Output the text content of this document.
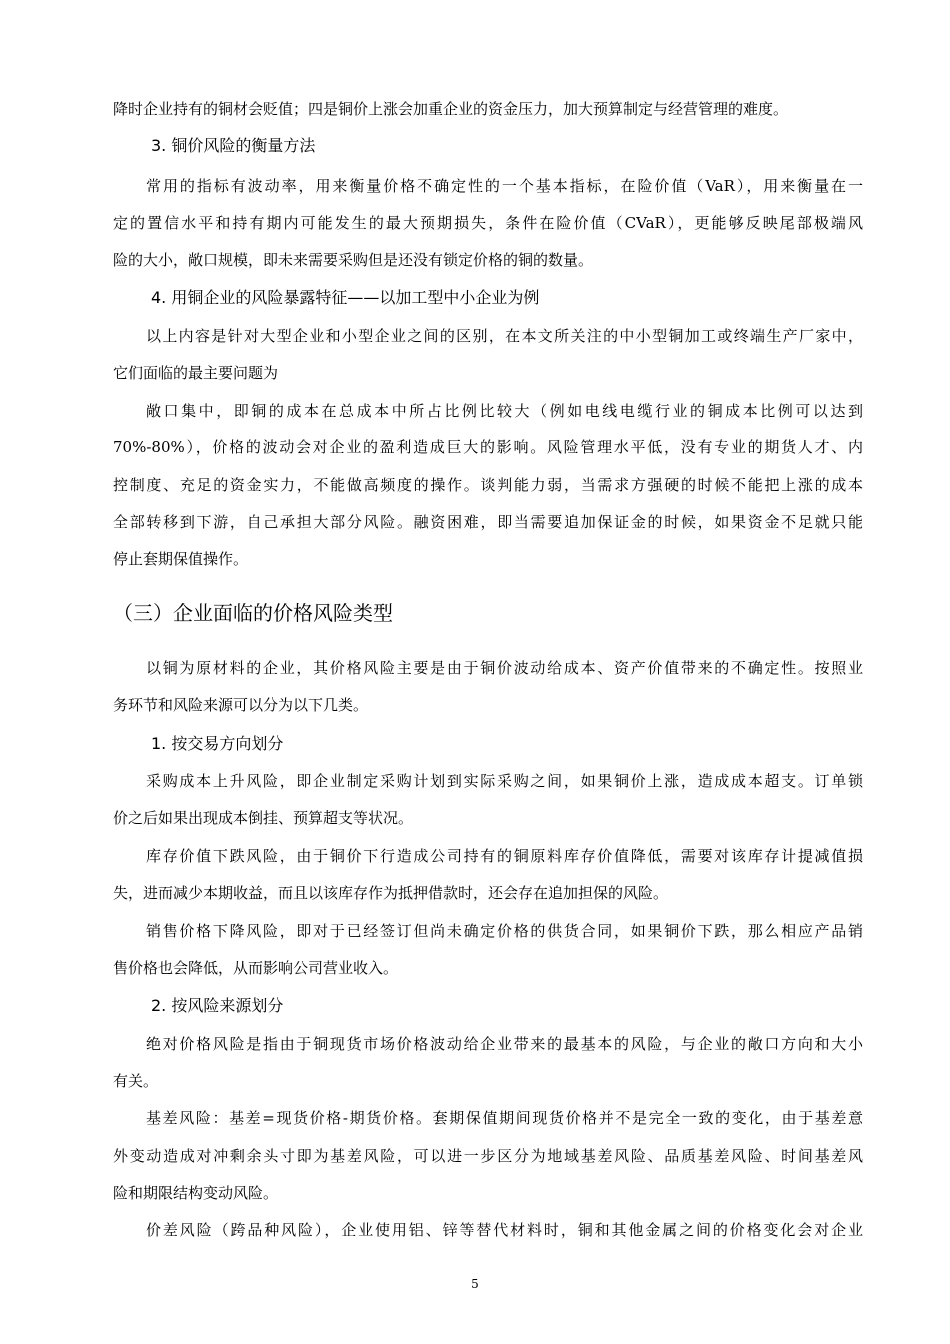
降时企业持有的铜材会贬值；四是铜价上涨会加重企业的资金压力，加大预算制定与经营管理的难度。
3. 铜价风险的衡量方法
常用的指标有波动率，用来衡量价格不确定性的一个基本指标，在险价值（VaR），用来衡量在一
定的置信水平和持有期内可能发生的最大预期损失，条件在险价值（CVaR），更能够反映尾部极端风
险的大小，敞口规模，即未来需要采购但是还没有锁定价格的铜的数量。
4. 用铜企业的风险暴露特征——以加工型中小企业为例
以上内容是针对大型企业和小型企业之间的区别，在本文所关注的中小型铜加工或终端生产厂家中，
它们面临的最主要问题为
敞口集中，即铜的成本在总成本中所占比例比较大（例如电线电缆行业的铜成本比例可以达到
70%-80%），价格的波动会对企业的盈利造成巨大的影响。风险管理水平低，没有专业的期货人才、内
控制度、充足的资金实力，不能做高频度的操作。谈判能力弱，当需求方强硬的时候不能把上涨的成本
全部转移到下游，自己承担大部分风险。融资困难，即当需要追加保证金的时候，如果资金不足就只能
停止套期保值操作。
（三）企业面临的价格风险类型
以铜为原材料的企业，其价格风险主要是由于铜价波动给成本、资产价值带来的不确定性。按照业
务环节和风险来源可以分为以下几类。
1. 按交易方向划分
采购成本上升风险，即企业制定采购计划到实际采购之间，如果铜价上涨，造成成本超支。订单锁
价之后如果出现成本倒挂、预算超支等状况。
库存价值下跌风险，由于铜价下行造成公司持有的铜原料库存价值降低，需要对该库存计提减值损
失，进而减少本期收益，而且以该库存作为抵押借款时，还会存在追加担保的风险。
销售价格下降风险，即对于已经签订但尚未确定价格的供货合同，如果铜价下跌，那么相应产品销
售价格也会降低，从而影响公司营业收入。
2. 按风险来源划分
绝对价格风险是指由于铜现货市场价格波动给企业带来的最基本的风险，与企业的敞口方向和大小
有关。
基差风险：基差=现货价格-期货价格。套期保值期间现货价格并不是完全一致的变化，由于基差意
外变动造成对冲剩余头寸即为基差风险，可以进一步区分为地域基差风险、品质基差风险、时间基差风
险和期限结构变动风险。
价差风险（跨品种风险），企业使用铝、锌等替代材料时，铜和其他金属之间的价格变化会对企业
5
